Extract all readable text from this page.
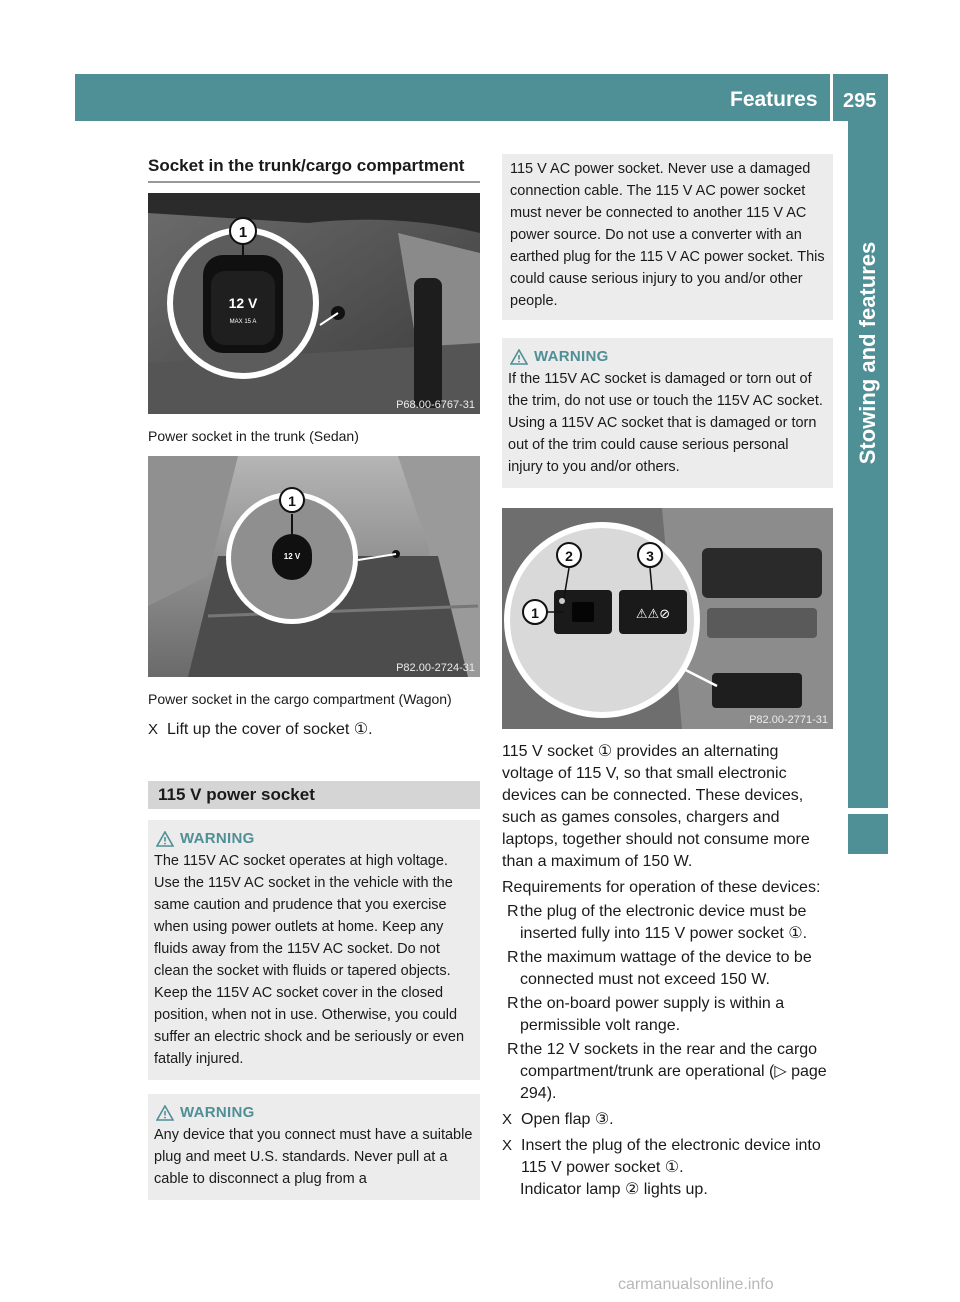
Features 295
Stowing and features
Socket in the trunk/cargo compartment
12 V
MAX 15 A
1
P68.00-6767-31
Power socket in the trunk (Sedan)
12 V
1
P82.00-2724-31
Power socket in the cargo compartment (Wagon)
X Lift up the cover of socket ①.
115 V power socket
WARNING
The 115V AC socket operates at high voltage. Use the 115V AC socket in the vehicle with the same caution and prudence that you exercise when using power outlets at home. Keep any fluids away from the 115V AC socket. Do not clean the socket with fluids or tapered objects. Keep the 115V AC socket cover in the closed position, when not in use. Otherwise, you could suffer an electric shock and be seriously or even fatally injured.
WARNING
Any device that you connect must have a suitable plug and meet U.S. standards. Never pull at a cable to disconnect a plug from a
115 V AC power socket. Never use a damaged connection cable. The 115 V AC power socket must never be connected to another 115 V AC power source. Do not use a converter with an earthed plug for the 115 V AC power socket. This could cause serious injury to you and/or other people.
WARNING
If the 115V AC socket is damaged or torn out of the trim, do not use or touch the 115V AC socket. Using a 115V AC socket that is damaged or torn out of the trim could cause serious personal injury to you and/or others.
⚠⚠⊘
2	3
1
P82.00-2771-31
115 V socket ① provides an alternating voltage of 115 V, so that small electronic devices can be connected. These devices, such as games consoles, chargers and laptops, together should not consume more than a maximum of 150 W.
Requirements for operation of these devices:
R the plug of the electronic device must be inserted fully into 115 V power socket ①.
R the maximum wattage of the device to be connected must not exceed 150 W.
R the on-board power supply is within a permissible volt range.
R the 12 V sockets in the rear and the cargo compartment/trunk are operational (▷ page 294).
X Open flap ③.
X Insert the plug of the electronic device into 115 V power socket ①.
Indicator lamp ② lights up.
carmanualsonline.info
